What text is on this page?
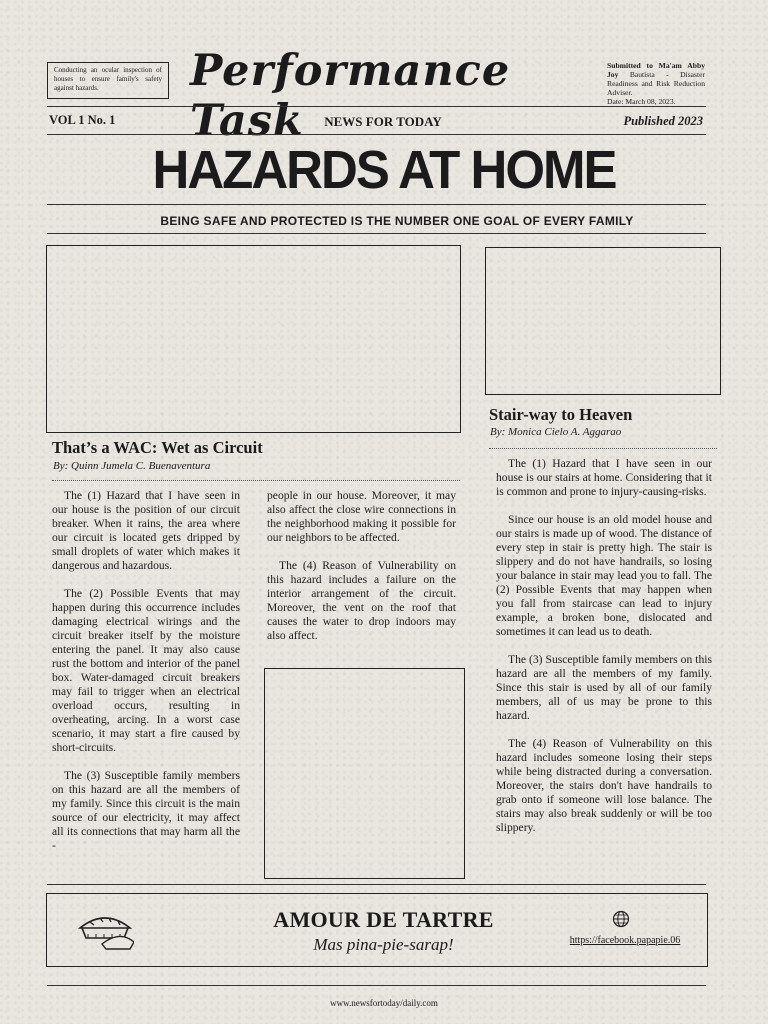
Conducting an ocular inspection of houses to ensure family's safety against hazards.	Performance Task
Submitted to Ma'am Abby Joy Bautista - Disaster Readiness and Risk Reduction Adviser.
Date: March 08, 2023.
VOL 1 No. 1	NEWS FOR TODAY	Published 2023
HAZARDS AT HOME
BEING SAFE AND PROTECTED IS THE NUMBER ONE GOAL OF EVERY FAMILY
That’s a WAC: Wet as Circuit
By: Quinn Jumela C. Buenaventura

The (1) Hazard that I have seen in our house is the position of our circuit breaker. When it rains, the area where our circuit is located gets dripped by small droplets of water which makes it dangerous and hazardous.

The (2) Possible Events that may happen during this occurrence includes damaging electrical wirings and the circuit breaker itself by the moisture entering the panel. It may also cause rust the bottom and interior of the panel box. Water-damaged circuit breakers may fail to trigger when an electrical overload occurs, resulting in overheating, arcing. In a worst case scenario, it may start a fire caused by short-circuits.

The (3) Susceptible family members on this hazard are all the members of my family. Since this circuit is the main source of our electricity, it may affect all its connections that may harm all the -

people in our house. Moreover, it may also affect the close wire connections in the neighborhood making it possible for our neighbors to be affected.

The (4) Reason of Vulnerability on this hazard includes a failure on the interior arrangement of the circuit. Moreover, the vent on the roof that causes the water to drop indoors may also affect.

Stair-way to Heaven
By: Monica Cielo A. Aggarao

The (1) Hazard that I have seen in our house is our stairs at home. Considering that it is common and prone to injury-causing-risks.

Since our house is an old model house and our stairs is made up of wood. The distance of every step in stair is pretty high. The stair is slippery and do not have handrails, so losing your balance in stair may lead you to fall. The (2) Possible Events that may happen when you fall from staircase can lead to injury example, a broken bone, dislocated and sometimes it can lead us to death.

The (3) Susceptible family members on this hazard are all the members of my family. Since this stair is used by all of our family members, all of us may be prone to this hazard.

The (4) Reason of Vulnerability on this hazard includes someone losing their steps while being distracted during a conversation. Moreover, the stairs don't have handrails to grab onto if someone will lose balance. The stairs may also break suddenly or will be too slippery.

AMOUR DE TARTRE
Mas pina-pie-sarap!	https://facebook.papapie.06
www.newsfortoday/daily.com
